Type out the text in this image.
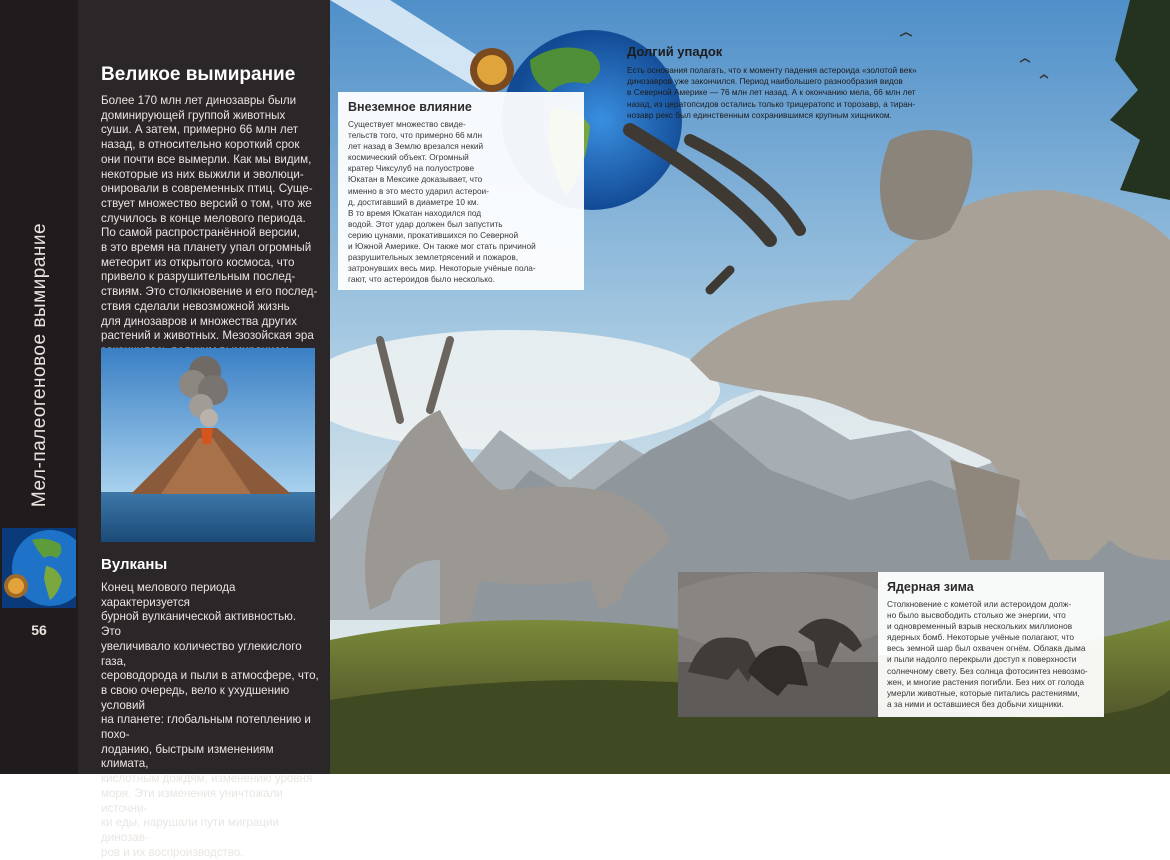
Мел-палеогеновое вымирание
56
Великое вымирание

Более 170 млн лет динозавры были
доминирующей группой животных
суши. А затем, примерно 66 млн лет
назад, в относительно короткий срок
они почти все вымерли. Как мы видим,
некоторые из них выжили и эволюци-
онировали в современных птиц. Суще-
ствует множество версий о том, что же
случилось в конце мелового периода.
По самой распространённой версии,
в это время на планету упал огромный
метеорит из открытого космоса, что
привело к разрушительным послед-
ствиям. Это столкновение и его послед-
ствия сделали невозможной жизнь
для динозавров и множества других
растений и животных. Мезозойская эра

Вулканы

Конец мелового периода характеризуется
бурной вулканической активностью. Это
увеличивало количество углекислого газа,
сероводорода и пыли в атмосфере, что,
в свою очередь, вело к ухудшению условий
на планете: глобальным потеплению и похо-
лоданию, быстрым изменениям климата,
кислотным дождям, изменению уровня
моря. Эти изменения уничтожали источни-
ки еды, нарушали пути миграции динозав-
ров и их воспроизводство.

Внеземное влияние

Существует множество свиде-
тельств того, что примерно 66 млн
лет назад в Землю врезался некий
космический объект. Огромный
кратер Чиксулуб на полуострове
Юкатан в Мексике доказывает, что
именно в это место ударил астерои-
д, достигавший в диаметре 10 км.
В то время Юкатан находился под
водой. Этот удар должен был запустить
серию цунами, прокатившихся по Северной
и Южной Америке. Он также мог стать причиной
разрушительных землетрясений и пожаров,
затронувших весь мир. Некоторые учёные пола-
гают, что астероидов было несколько.

Долгий упадок

Есть основания полагать, что к моменту падения астероида «золотой век»
динозавров уже закончился. Период наибольшего разнообразия видов
в Северной Америке — 76 млн лет назад. А к окончанию мела, 66 млн лет
назад, из цератопсидов остались только трицератопс и торозавр, а тиран-
нозавр рекс был единственным сохранившимся крупным хищником.

Ядерная зима

Столкновение с кометой или астероидом долж-
но было высвободить столько же энергии, что
и одновременный взрыв нескольких миллионов
ядерных бомб. Некоторые учёные полагают, что
весь земной шар был охвачен огнём. Облака дыма
и пыли надолго перекрыли доступ к поверхности
солнечному свету. Без солнца фотосинтез невозмо-
жен, и многие растения погибли. Без них от голода
умерли животные, которые питались растениями,
а за ними и оставшиеся без добычи хищники.
